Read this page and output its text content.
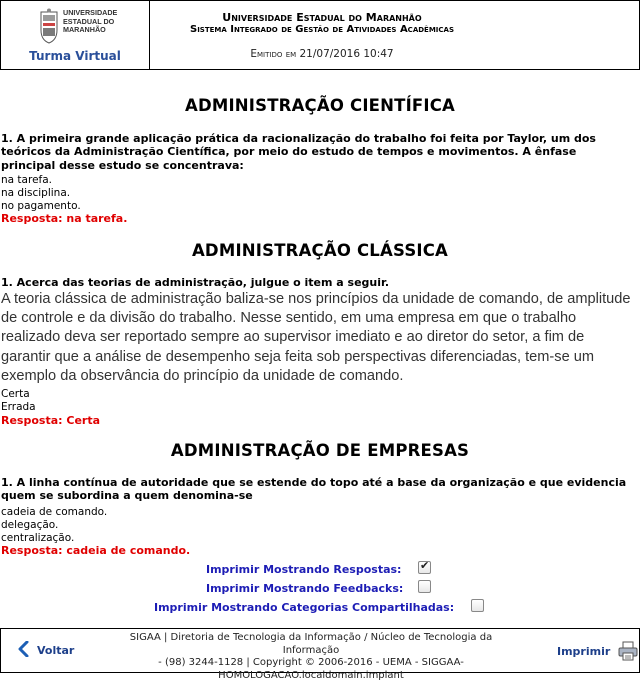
UNIVERSIDADE
ESTADUAL DO
MARANHÃO
Turma Virtual
Universidade Estadual do Maranhão
Sistema Integrado de Gestão de Atividades Acadêmicas
Emitido em 21/07/2016 10:47
ADMINISTRAÇÃO CIENTÍFICA
1. A primeira grande aplicação prática da racionalização do trabalho foi feita por Taylor, um dos teóricos da Administração Científica, por meio do estudo de tempos e movimentos. A ênfase principal desse estudo se concentrava:
na tarefa.
na disciplina.
no pagamento.
Resposta: na tarefa.
ADMINISTRAÇÃO CLÁSSICA
1. Acerca das teorias de administração, julgue o item a seguir.
A teoria clássica de administração baliza-se nos princípios da unidade de comando, de amplitude de controle e da divisão do trabalho. Nesse sentido, em uma empresa em que o trabalho realizado deva ser reportado sempre ao supervisor imediato e ao diretor do setor, a fim de garantir que a análise de desempenho seja feita sob perspectivas diferenciadas, tem-se um exemplo da observância do princípio da unidade de comando.
Certa
Errada
Resposta: Certa
ADMINISTRAÇÃO DE EMPRESAS
1. A linha contínua de autoridade que se estende do topo até a base da organização e que evidencia quem se subordina a quem denomina-se
cadeia de comando.
delegação.
centralização.
Resposta: cadeia de comando.
Imprimir Mostrando Respostas:
✔
Imprimir Mostrando Feedbacks:
Imprimir Mostrando Categorias Compartilhadas:
Voltar
SIGAA | Diretoria de Tecnologia da Informação / Núcleo de Tecnologia da Informação
- (98) 3244-1128 | Copyright © 2006-2016 - UEMA - SIGGAA-
HOMOLOGACAO.localdomain.implant
Imprimir
